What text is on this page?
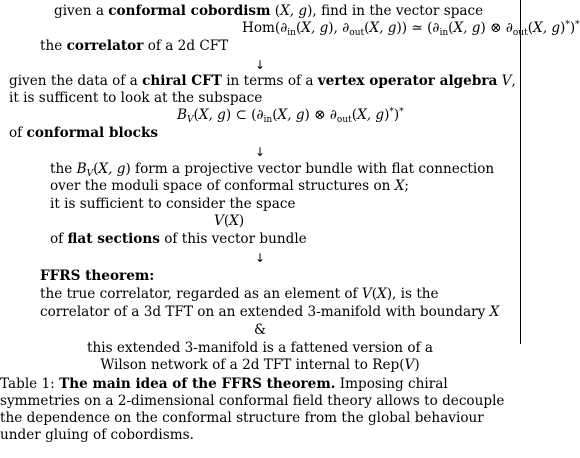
given a conformal cobordism (X, g), find in the vector space
$Hom(\partial_{in}(X$, g), $\partial_{out}(X$, g)) ≃ ($\partial_{in}(X$, g) ⊗ $\partial_{out}(X$, g)*)*
the correlator of a 2d CFT
↓
given the data of a chiral CFT in terms of a vertex operator algebra V,
it is sufficent to look at the subspace
$B_V(X$, g) ⊂ ($\partial_{in}(X$, g) ⊗ $\partial_{out}(X$, g)*)*
of conformal blocks
↓
the $B_V(X$, g) form a projective vector bundle with flat connection
over the moduli space of conformal structures on X;
it is sufficient to consider the space
V(X)
of flat sections of this vector bundle
↓
FFRS theorem:
the true correlator, regarded as an element of V(X), is the
correlator of a 3d TFT on an extended 3-manifold with boundary X
&
this extended 3-manifold is a fattened version of a
Wilson network of a 2d TFT internal to Rep(V)
Table 1: The main idea of the FFRS theorem. Imposing chiral symmetries on a 2-dimensional conformal field theory allows to decouple the dependence on the conformal structure from the global behaviour under gluing of cobordisms.
